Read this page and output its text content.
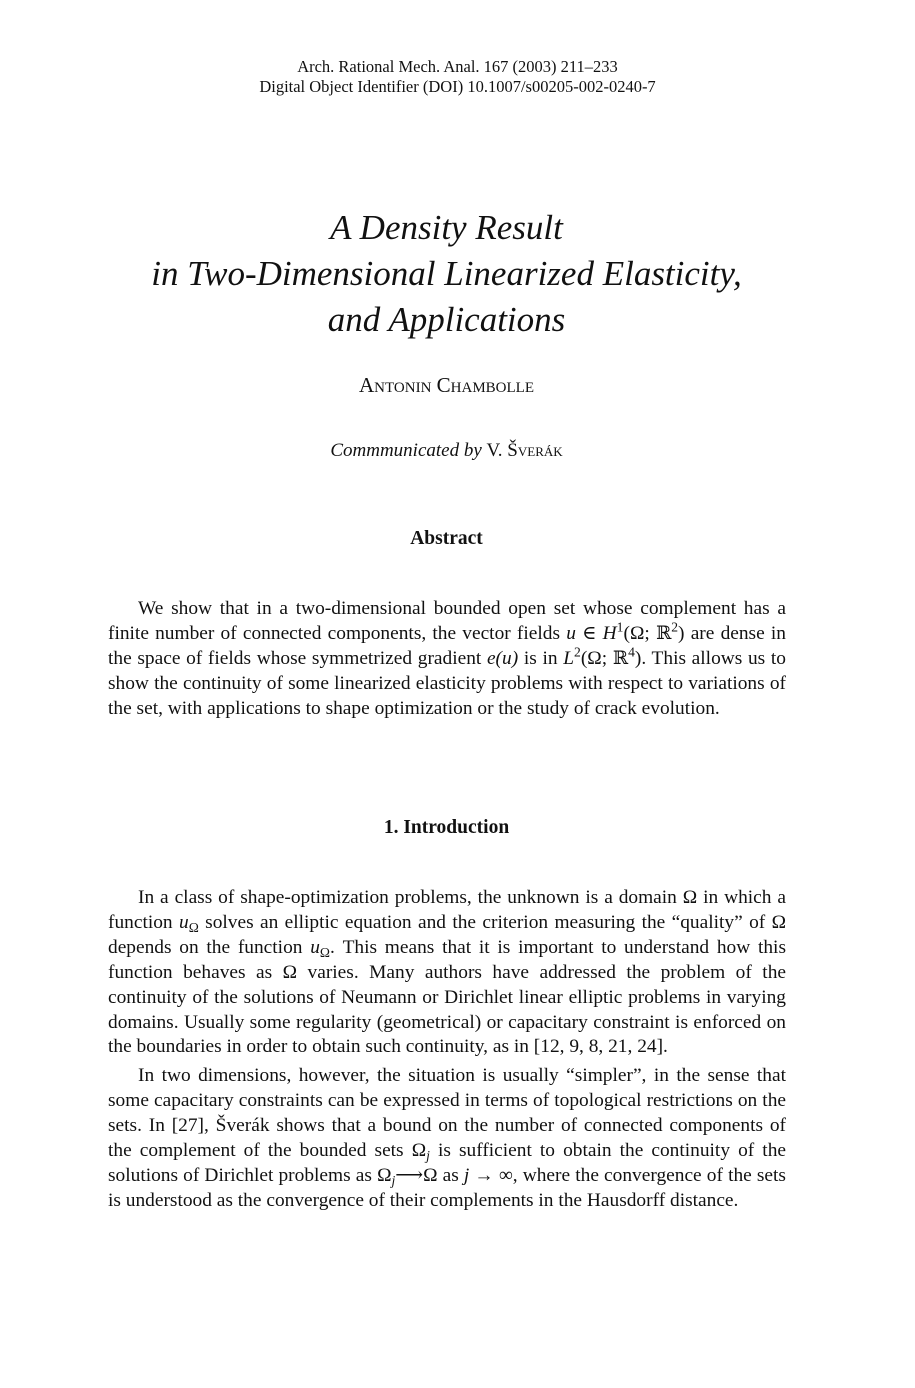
Arch. Rational Mech. Anal. 167 (2003) 211–233
Digital Object Identifier (DOI) 10.1007/s00205-002-0240-7
A Density Result
in Two-Dimensional Linearized Elasticity,
and Applications
Antonin Chambolle
Commmunicated by V. Šverák
Abstract

We show that in a two-dimensional bounded open set whose complement has a finite number of connected components, the vector fields u ∈ $H^1(\Omega$; ℝ$^2$) are dense in the space of fields whose symmetrized gradient e(u) is in $L^2(\Omega$; ℝ$^4$). This allows us to show the continuity of some linearized elasticity problems with respect to variations of the set, with applications to shape optimization or the study of crack evolution.

1. Introduction

In a class of shape-optimization problems, the unknown is a domain Ω in which a function $u_\Omega$ solves an elliptic equation and the criterion measuring the “quality” of Ω depends on the function $u_\Omega$. This means that it is important to understand how this function behaves as Ω varies. Many authors have addressed the problem of the continuity of the solutions of Neumann or Dirichlet linear elliptic problems in varying domains. Usually some regularity (geometrical) or capacitary constraint is enforced on the boundaries in order to obtain such continuity, as in [12, 9, 8, 21, 24].

In two dimensions, however, the situation is usually “simpler”, in the sense that some capacitary constraints can be expressed in terms of topological restrictions on the sets. In [27], Šverák shows that a bound on the number of connected components of the complement of the bounded sets $\Omega_j$ is sufficient to obtain the continuity of the solutions of Dirichlet problems as $\Omega_j⟶\Omega$ as j → ∞, where the convergence of the sets is understood as the convergence of their complements in the Hausdorff distance.
